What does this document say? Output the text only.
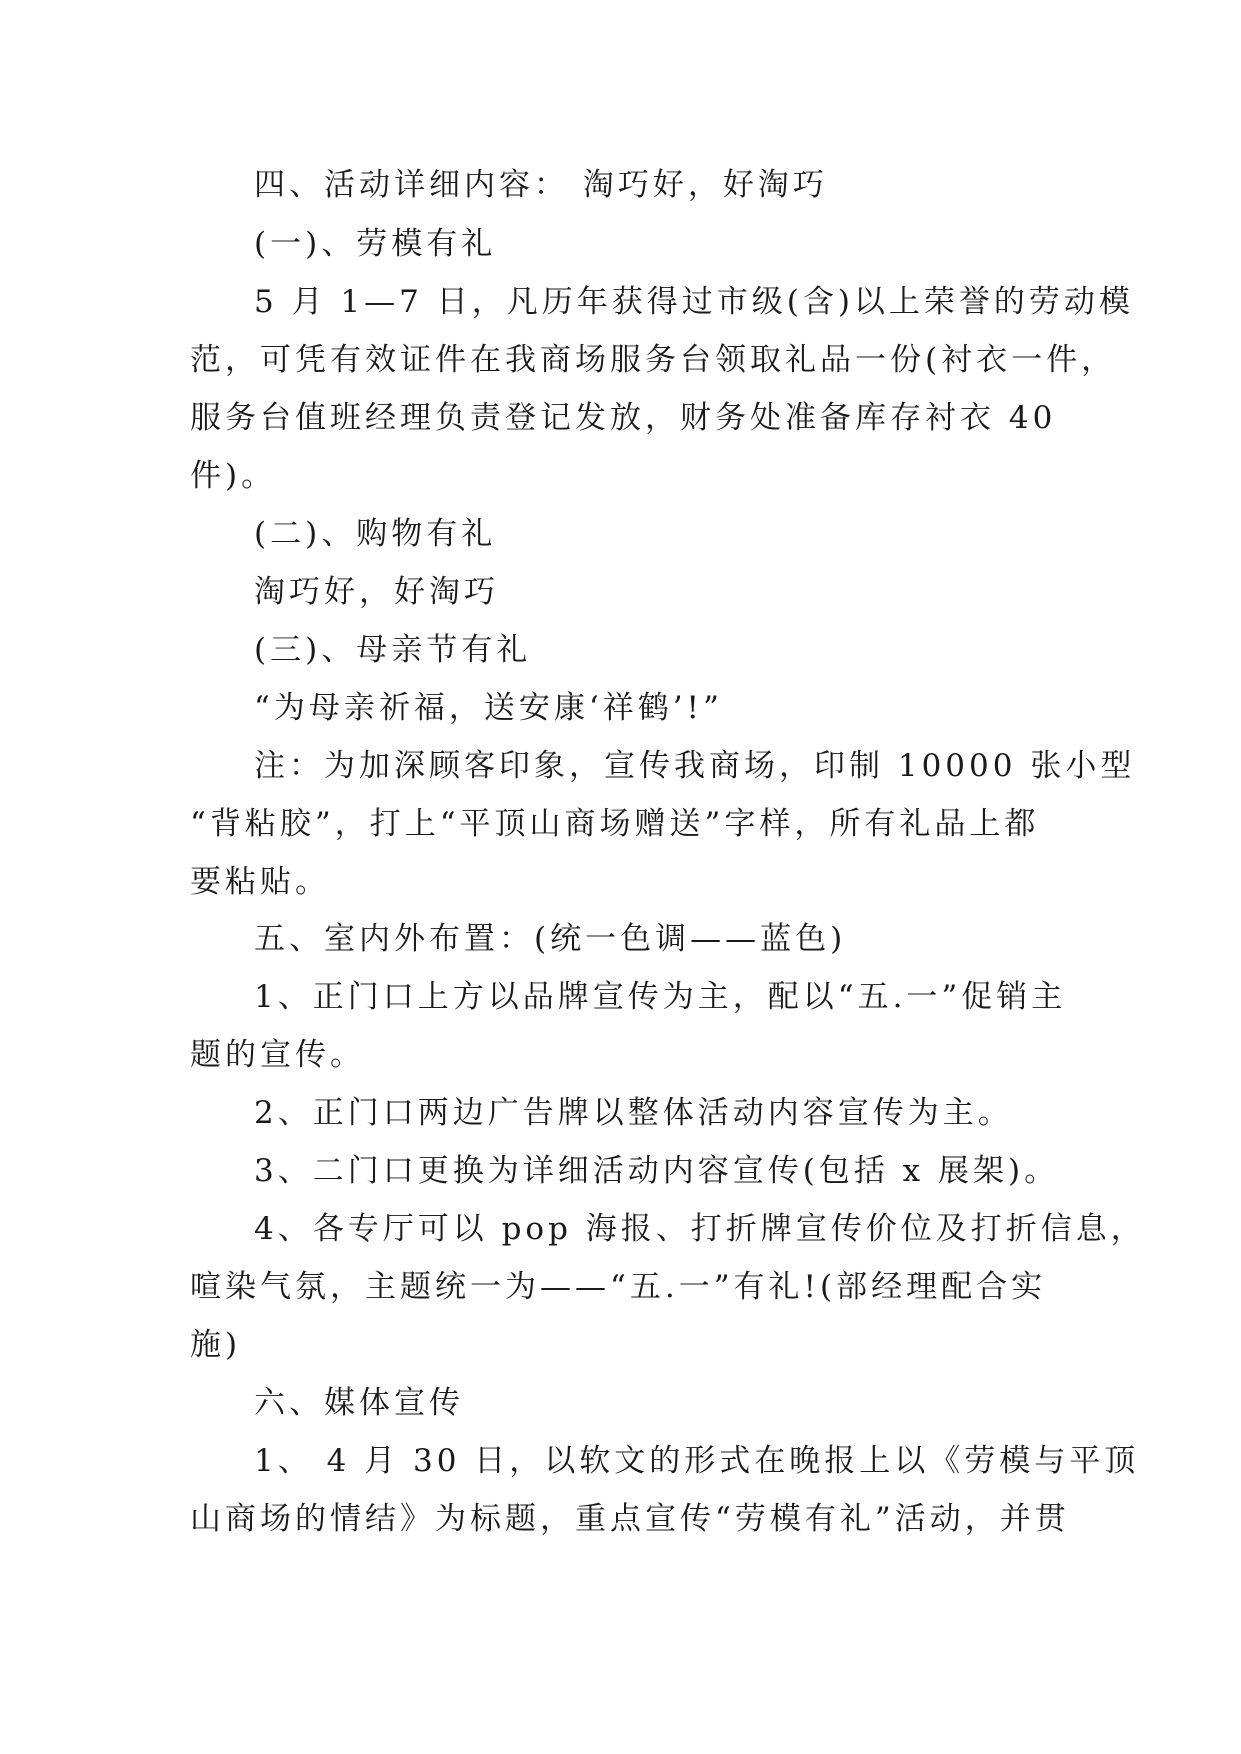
四、活动详细内容： 淘巧好，好淘巧
(一)、劳模有礼
5 月 1—7 日，凡历年获得过市级(含)以上荣誉的劳动模
范，可凭有效证件在我商场服务台领取礼品一份(衬衣一件，
服务台值班经理负责登记发放，财务处准备库存衬衣 40
件)。
(二)、购物有礼
淘巧好，好淘巧
(三)、母亲节有礼
“为母亲祈福，送安康‘祥鹤’!”
注：为加深顾客印象，宣传我商场，印制 10000 张小型
“背粘胶”，打上“平顶山商场赠送”字样，所有礼品上都
要粘贴。
五、室内外布置：(统一色调——蓝色)
1、正门口上方以品牌宣传为主，配以“五.一”促销主
题的宣传。
2、正门口两边广告牌以整体活动内容宣传为主。
3、二门口更换为详细活动内容宣传(包括 x 展架)。
4、各专厅可以 pop 海报、打折牌宣传价位及打折信息，
喧染气氛，主题统一为——“五.一”有礼!(部经理配合实
施)
六、媒体宣传
1、 4 月 30 日，以软文的形式在晚报上以《劳模与平顶
山商场的情结》为标题，重点宣传“劳模有礼”活动，并贯
